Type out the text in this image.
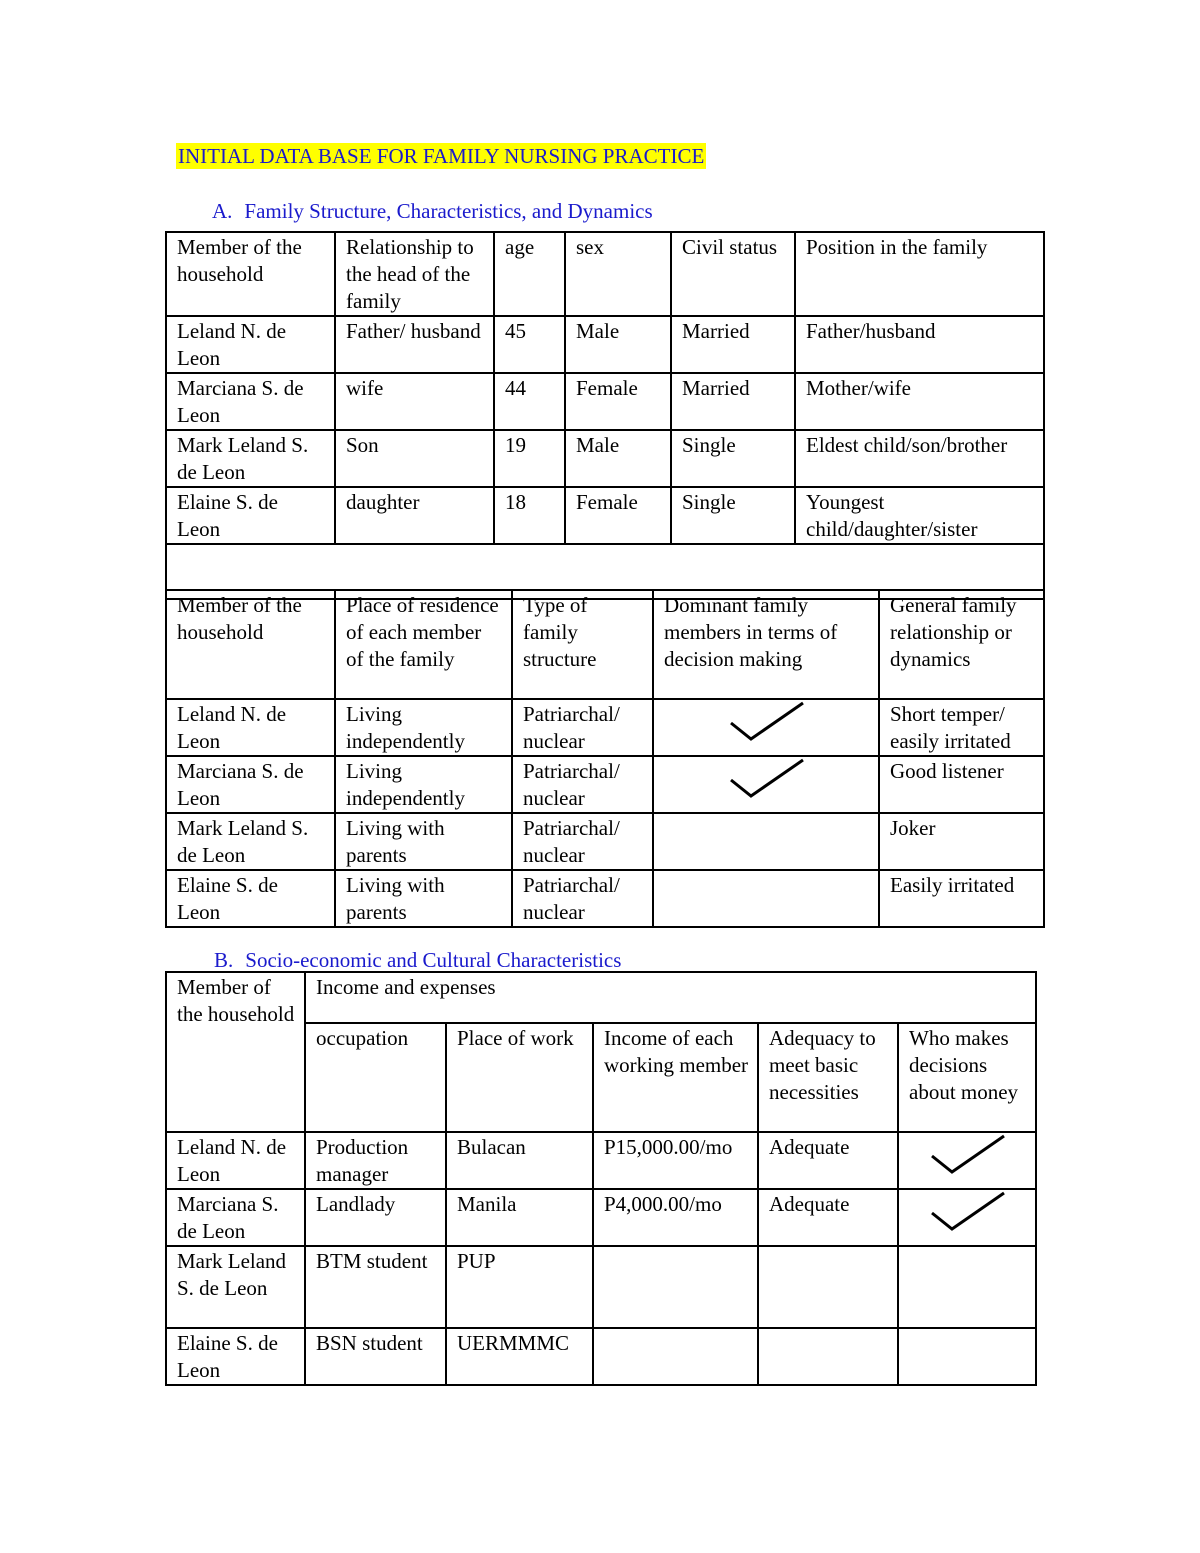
INITIAL DATA BASE FOR FAMILY NURSING PRACTICE
A. Family Structure, Characteristics, and Dynamics
Member of the household	Relationship to the head of the family	age	sex	Civil status	Position in the family
Leland N. de Leon	Father/ husband	45	Male	Married	Father/husband
Marciana S. de Leon	wife	44	Female	Married	Mother/wife
Mark Leland S. de Leon	Son	19	Male	Single	Eldest child/son/brother
Elaine S. de Leon	daughter	18	Female	Single	Youngest child/daughter/sister

Member of the household	Place of residence of each member of the family	Type of family structure	Dominant family members in terms of decision making	General family relationship or dynamics
Leland N. de Leon	Living independently	Patriarchal/ nuclear		Short temper/ easily irritated
Marciana S. de Leon	Living independently	Patriarchal/ nuclear		Good listener
Mark Leland S. de Leon	Living with parents	Patriarchal/ nuclear		Joker
Elaine S. de Leon	Living with parents	Patriarchal/ nuclear		Easily irritated
B. Socio-economic and Cultural Characteristics
Member of the household	Income and expenses				
	occupation	Place of work	Income of each working member	Adequacy to meet basic necessities	Who makes decisions about money
Leland N. de Leon	Production manager	Bulacan	P15,000.00/mo	Adequate	

Marciana S. de Leon	Landlady	Manila	P4,000.00/mo	Adequate	

Mark Leland S. de Leon	BTM student	PUP			
Elaine S. de Leon	BSN student	UERMMMC			
